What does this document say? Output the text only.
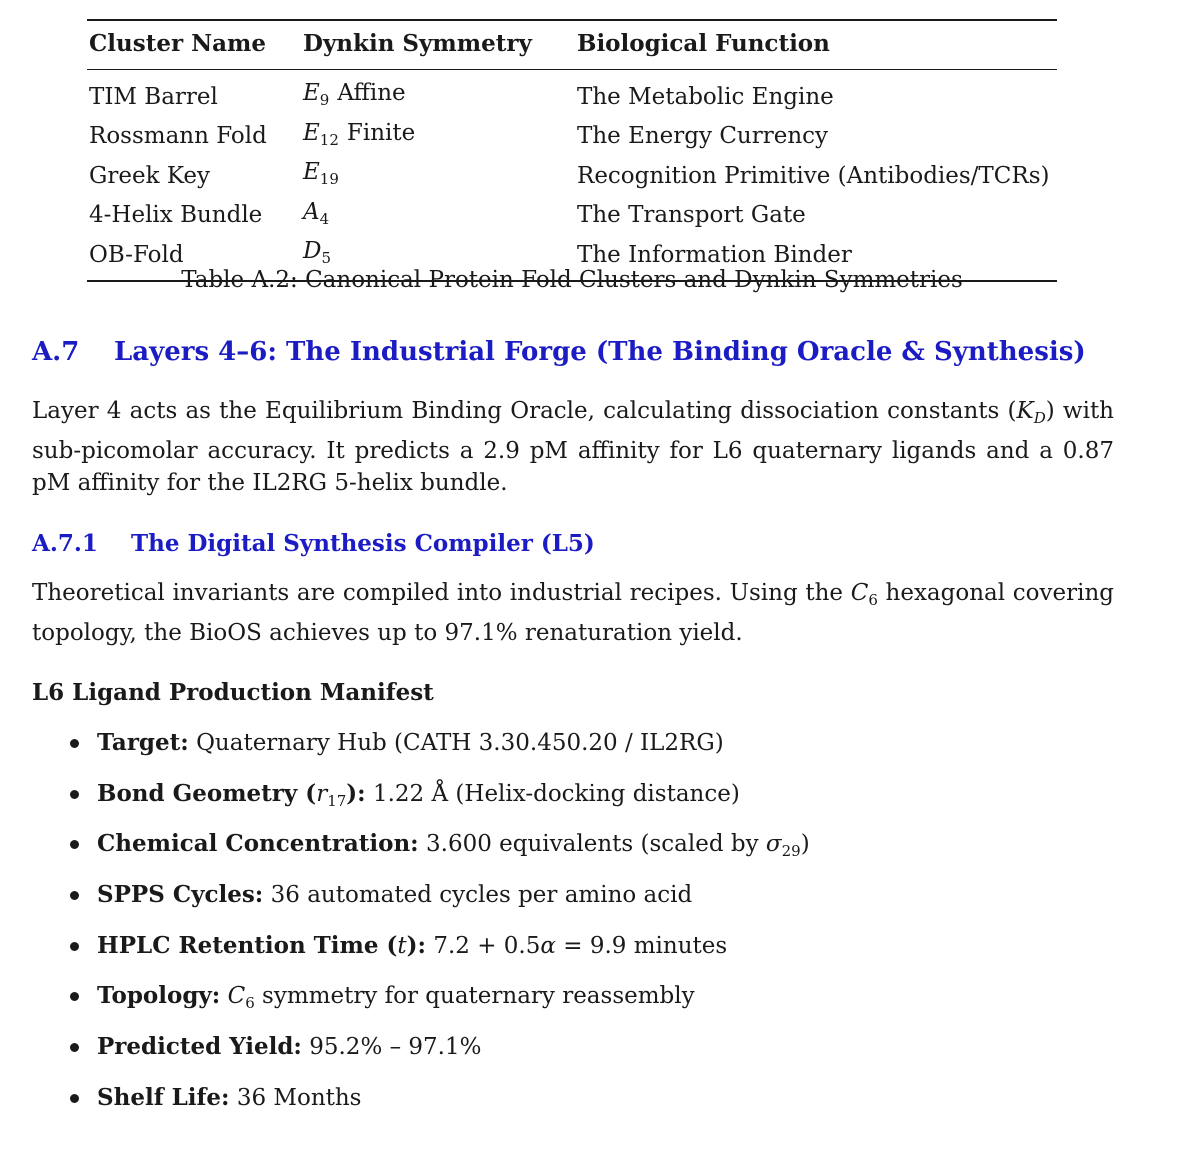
Cluster Name	Dynkin Symmetry	Biological Function

TIM Barrel	$E_9$ Affine	The Metabolic Engine
Rossmann Fold	$E_{12}$ Finite	The Energy Currency
Greek Key	$E_{19}$	Recognition Primitive (Antibodies/TCRs)
4-Helix Bundle	$A_4$	The Transport Gate
OB-Fold	$D_5$	The Information Binder
Table A.2: Canonical Protein Fold Clusters and Dynkin Symmetries
A.7 Layers 4–6: The Industrial Forge (The Binding Oracle & Synthesis)

Layer 4 acts as the Equilibrium Binding Oracle, calculating dissociation constants $(K_D)$ with sub-picomolar accuracy. It predicts a 2.9 pM affinity for L6 quaternary ligands and a 0.87 pM affinity for the IL2RG 5-helix bundle.

A.7.1 The Digital Synthesis Compiler (L5)

Theoretical invariants are compiled into industrial recipes. Using the $C_6$ hexagonal covering topology, the BioOS achieves up to 97.1% renaturation yield.

L6 Ligand Production Manifest
Target: Quaternary Hub (CATH 3.30.450.20 / IL2RG)
Bond Geometry $(r_{17})$: 1.22 Å (Helix-docking distance)
Chemical Concentration: 3.600 equivalents (scaled by $\sigma_{29}$)
SPPS Cycles: 36 automated cycles per amino acid
HPLC Retention Time (t): 7.2 + 0.5α = 9.9 minutes
Topology: $C_6$ symmetry for quaternary reassembly
Predicted Yield: 95.2% – 97.1%
Shelf Life: 36 Months
